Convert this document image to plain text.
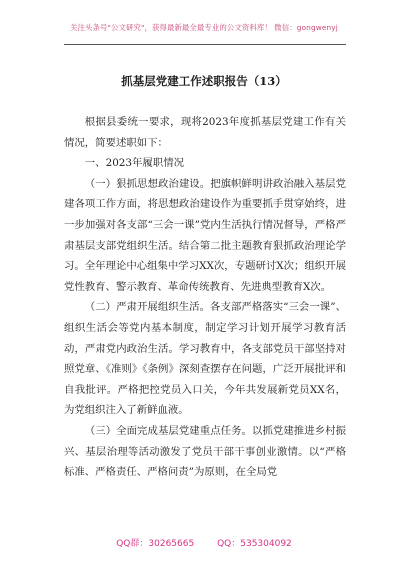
关注头条号"公文研究"，获得最新最全最专业的公文资料库！ 微信：gongwenyj
抓基层党建工作述职报告（13）

根据县委统一要求，现将2023年度抓基层党建工作有关情况，简要述职如下：

一、2023年履职情况

（一）狠抓思想政治建设。把旗帜鲜明讲政治融入基层党建各项工作方面，将思想政治建设作为重要抓手贯穿始终，进一步加强对各支部“三会一课”党内生活执行情况督导，严格严肃基层支部党组织生活。结合第二批主题教育狠抓政治理论学习。全年理论中心组集中学习XX次，专题研讨X次；组织开展党性教育、警示教育、革命传统教育、先进典型教育X次。

（二）严肃开展组织生活。各支部严格落实“三会一课”、组织生活会等党内基本制度，制定学习计划开展学习教育活动，严肃党内政治生活。学习教育中，各支部党员干部坚持对照党章、《准则》《条例》深刻查摆存在问题，广泛开展批评和自我批评。严格把控党员入口关，今年共发展新党员XX名，为党组织注入了新鲜血液。

（三）全面完成基层党建重点任务。以抓党建推进乡村振兴、基层治理等活动激发了党员干部干事创业激情。以“严格标准、严格责任、严格问责”为原则，在全局党

QQ群：30265665	QQ：535304092
